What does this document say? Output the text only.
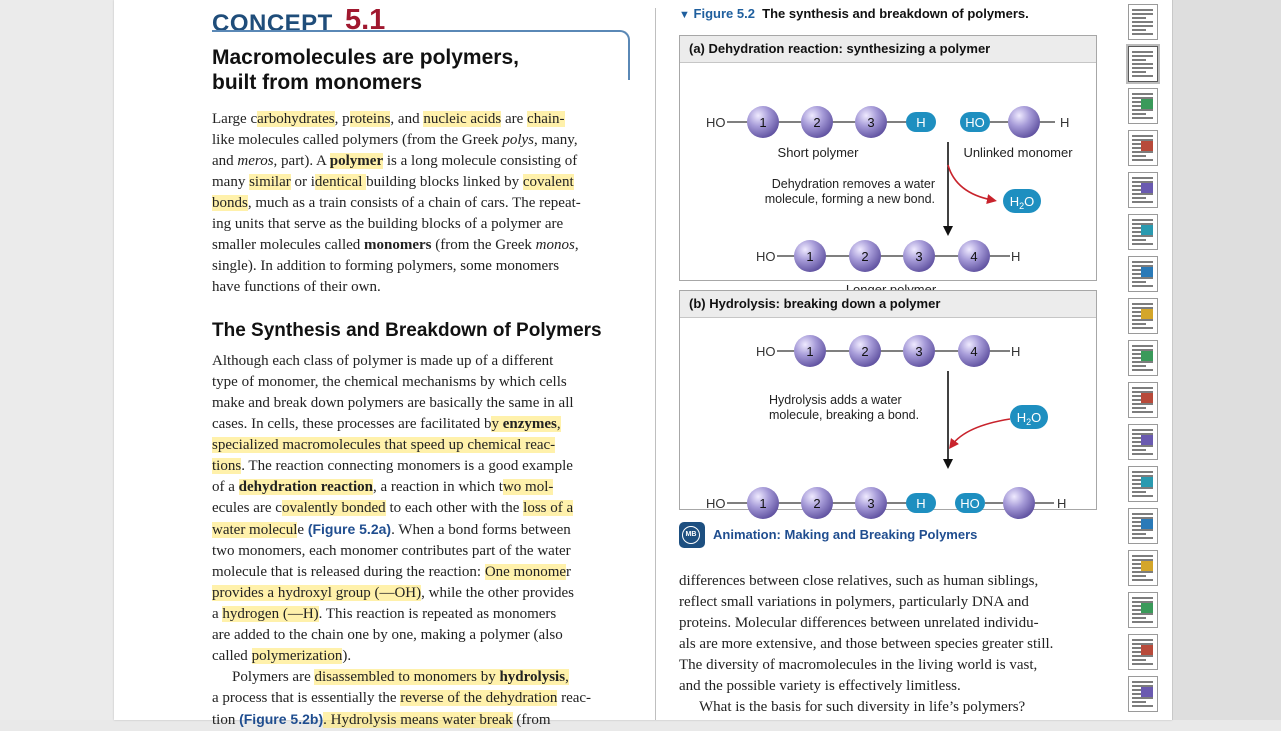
CONCEPT 5.1
Macromolecules are polymers,
built from monomers

Large carbohydrates, proteins, and nucleic acids are chain-
like molecules called polymers (from the Greek polys, many,
and meros, part). A polymer is a long molecule consisting of
many similar or identical building blocks linked by covalent
bonds, much as a train consists of a chain of cars. The repeat-
ing units that serve as the building blocks of a polymer are
smaller molecules called monomers (from the Greek monos,
single). In addition to forming polymers, some monomers
have functions of their own.

The Synthesis and Breakdown of Polymers

Although each class of polymer is made up of a different
type of monomer, the chemical mechanisms by which cells
make and break down polymers are basically the same in all
cases. In cells, these processes are facilitated by enzymes,
specialized macromolecules that speed up chemical reac-
tions. The reaction connecting monomers is a good example
of a dehydration reaction, a reaction in which two mol-
ecules are covalently bonded to each other with the loss of a
water molecule (Figure 5.2a). When a bond forms between
two monomers, each monomer contributes part of the water
molecule that is released during the reaction: One monomer
provides a hydroxyl group (—OH), while the other provides
a hydrogen (—H). This reaction is repeated as monomers
are added to the chain one by one, making a polymer (also
called polymerization).
Polymers are disassembled to monomers by hydrolysis,
a process that is essentially the reverse of the dehydration reac-
tion (Figure 5.2b). Hydrolysis means water break (from

▼ Figure 5.2 The synthesis and breakdown of polymers.
(a) Dehydration reaction: synthesizing a polymer
HO	1	2	3	H	HO	H
Short polymer	Unlinked monomer
Dehydration removes a water
molecule, forming a new bond.	$H_2O$
HO 1	2	3	4	H
(b) Hydrolysis: breaking down a polymer
HO 1	2	3	4	H
Hydrolysis adds a water
molecule, breaking a bond.	$H_2O$
HO	1	2	3	H	HO	H
MB Animation: Making and Breaking Polymers

differences between close relatives, such as human siblings,
reflect small variations in polymers, particularly DNA and
proteins. Molecular differences between unrelated individu-
als are more extensive, and those between species greater still.
The diversity of macromolecules in the living world is vast,
and the possible variety is effectively limitless.
What is the basis for such diversity in life’s polymers?
